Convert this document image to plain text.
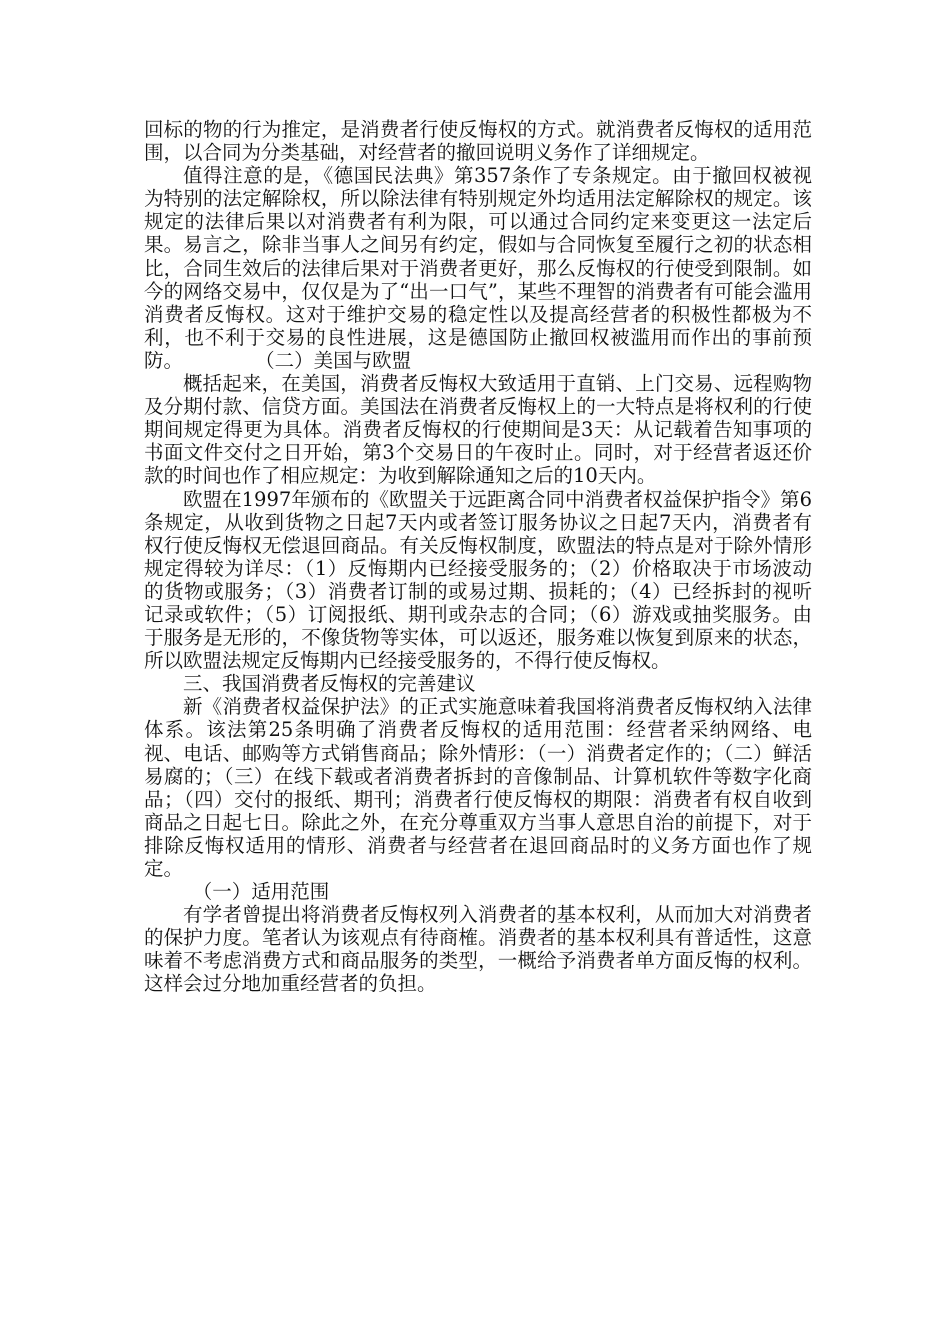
回标的物的行为推定，是消费者行使反悔权的方式。就消费者反悔权的适用范围，以合同为分类基础，对经营者的撤回说明义务作了详细规定。

值得注意的是，《德国民法典》第357条作了专条规定。由于撤回权被视为特别的法定解除权，所以除法律有特别规定外均适用法定解除权的规定。该规定的法律后果以对消费者有利为限，可以通过合同约定来变更这一法定后果。易言之，除非当事人之间另有约定，假如与合同恢复至履行之初的状态相比，合同生效后的法律后果对于消费者更好，那么反悔权的行使受到限制。如今的网络交易中，仅仅是为了“出一口气”，某些不理智的消费者有可能会滥用消费者反悔权。这对于维护交易的稳定性以及提高经营者的积极性都极为不利，也不利于交易的良性进展，这是德国防止撤回权被滥用而作出的事前预防。	（二）美国与欧盟

概括起来，在美国，消费者反悔权大致适用于直销、上门交易、远程购物及分期付款、信贷方面。美国法在消费者反悔权上的一大特点是将权利的行使期间规定得更为具体。消费者反悔权的行使期间是3天：从记载着告知事项的书面文件交付之日开始，第3个交易日的午夜时止。同时，对于经营者返还价款的时间也作了相应规定：为收到解除通知之后的10天内。

欧盟在1997年颁布的《欧盟关于远距离合同中消费者权益保护指令》第6条规定，从收到货物之日起7天内或者签订服务协议之日起7天内，消费者有权行使反悔权无偿退回商品。有关反悔权制度，欧盟法的特点是对于除外情形规定得较为详尽：（1）反悔期内已经接受服务的；（2）价格取决于市场波动的货物或服务；（3）消费者订制的或易过期、损耗的；（4）已经拆封的视听记录或软件；（5）订阅报纸、期刊或杂志的合同；（6）游戏或抽奖服务。由于服务是无形的，不像货物等实体，可以返还，服务难以恢复到原来的状态，所以欧盟法规定反悔期内已经接受服务的，不得行使反悔权。

三、我国消费者反悔权的完善建议

新《消费者权益保护法》的正式实施意味着我国将消费者反悔权纳入法律体系。该法第25条明确了消费者反悔权的适用范围：经营者采纳网络、电视、电话、邮购等方式销售商品；除外情形：（一）消费者定作的；（二）鲜活易腐的；（三）在线下载或者消费者拆封的音像制品、计算机软件等数字化商品；（四）交付的报纸、期刊；消费者行使反悔权的期限：消费者有权自收到商品之日起七日。除此之外，在充分尊重双方当事人意思自治的前提下，对于排除反悔权适用的情形、消费者与经营者在退回商品时的义务方面也作了规定。

（一）适用范围

有学者曾提出将消费者反悔权列入消费者的基本权利，从而加大对消费者的保护力度。笔者认为该观点有待商榷。消费者的基本权利具有普适性，这意味着不考虑消费方式和商品服务的类型，一概给予消费者单方面反悔的权利。这样会过分地加重经营者的负担。
